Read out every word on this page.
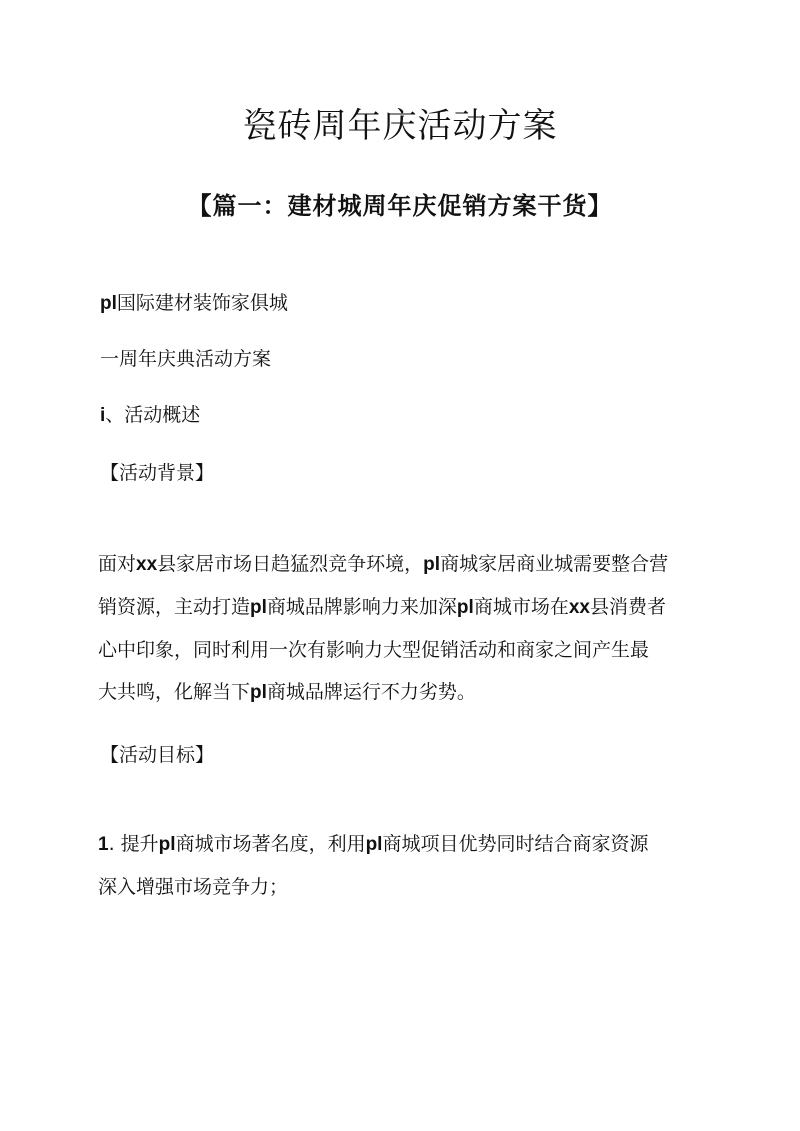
瓷砖周年庆活动方案
【篇一：建材城周年庆促销方案干货】

pl国际建材装饰家俱城

一周年庆典活动方案

i、活动概述

【活动背景】

面对xx县家居市场日趋猛烈竞争环境，pl商城家居商业城需要整合营
销资源，主动打造pl商城品牌影响力来加深pl商城市场在xx县消费者
心中印象，同时利用一次有影响力大型促销活动和商家之间产生最
大共鸣，化解当下pl商城品牌运行不力劣势。

【活动目标】

1. 提升pl商城市场著名度，利用pl商城项目优势同时结合商家资源
深入增强市场竞争力；
